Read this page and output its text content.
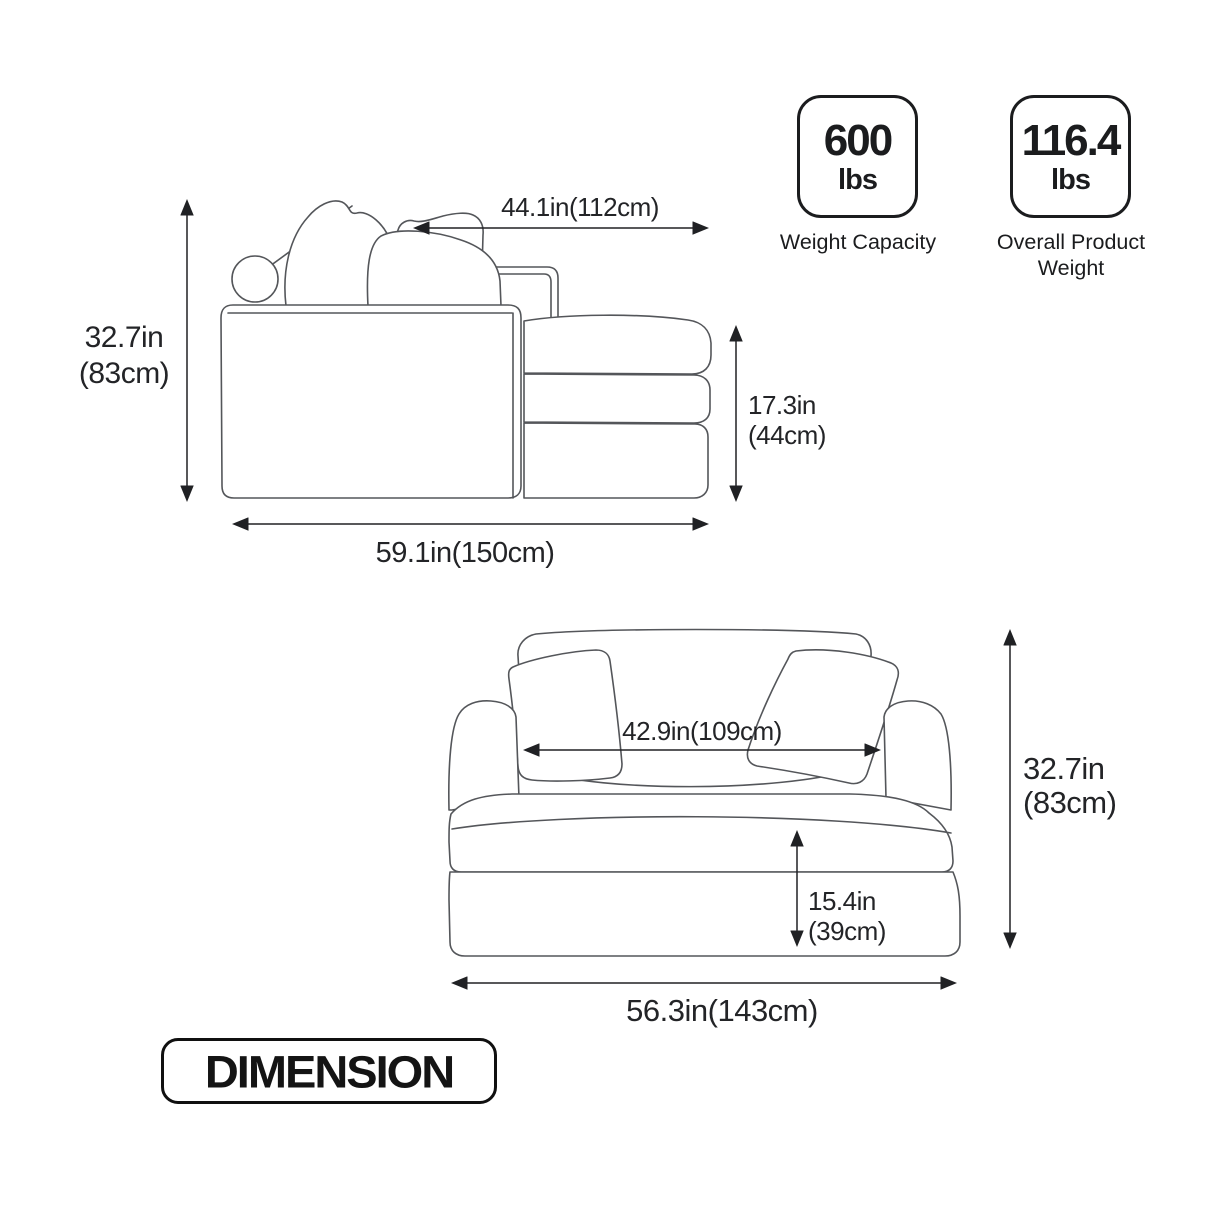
44.1in(112cm)
32.7in
(83cm)
17.3in
(44cm)
59.1in(150cm)
42.9in(109cm)
15.4in
(39cm)
32.7in
(83cm)
56.3in(143cm)
600
lbs
Weight Capacity
116.4
lbs
Overall Product Weight
DIMENSION
